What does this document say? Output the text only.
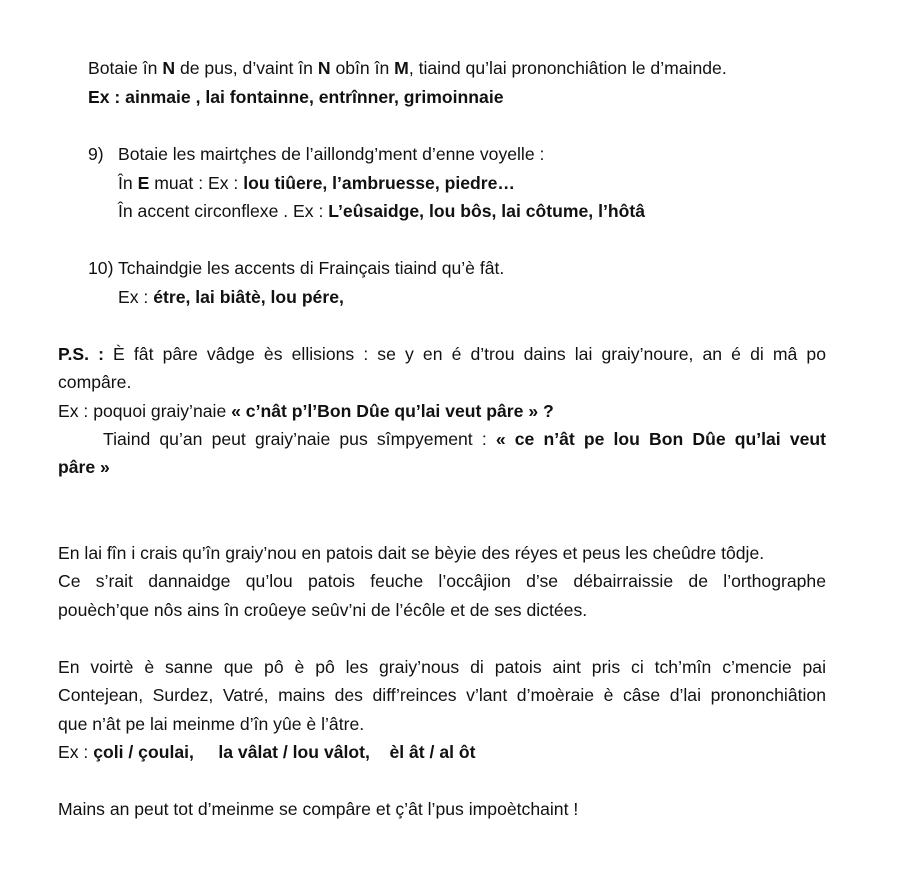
Botaie în N de pus, d’vaint în N obîn în M, tiaind qu’lai prononchiâtion le d’mainde.
Ex : ainmaie , lai fontainne, entrînner, grimoinnaie
9) Botaie les mairtçhes de l’aillondg’ment d’enne voyelle :
În E muat : Ex : lou tiûere, l’ambruesse, piedre…
În accent circonflexe . Ex : L’eûsaidge, lou bôs, lai côtume, l’hôtâ
10) Tchaindgie les accents di Frainçais tiaind qu’è fât.
Ex : étre, lai biâtè, lou pére,
P.S. : È fât pâre vâdge ès ellisions : se y en é d’trou dains lai graiy’noure, an é di mâ po
compâre.
Ex : poquoi graiy’naie « c’nât p’l’Bon Dûe qu’lai veut pâre » ?
Tiaind qu’an peut graiy’naie pus sîmpyement : « ce n’ât pe lou Bon Dûe qu’lai veut
pâre »
En lai fîn i crais qu’în graiy’nou en patois dait se bèyie des réyes et peus les cheûdre tôdje.
Ce s’rait dannaidge qu’lou patois feuche l’occâjion d’se débairraissie de l’orthographe
pouèch’que nôs ains în croûeye seûv’ni de l’écôle et de ses dictées.
En voirtè è sanne que pô è pô les graiy’nous di patois aint pris ci tch’mîn c’mencie pai
Contejean, Surdez, Vatré, mains des diff’reinces v’lant d’moèraie è câse d’lai prononchiâtion
que n’ât pe lai meinme d’în yûe è l’âtre.
Ex : çoli / çoulai,     la vâlat / lou vâlot,    èl ât / al ôt
Mains an peut tot d’meinme se compâre et ç’ât l’pus impoètchaint !
